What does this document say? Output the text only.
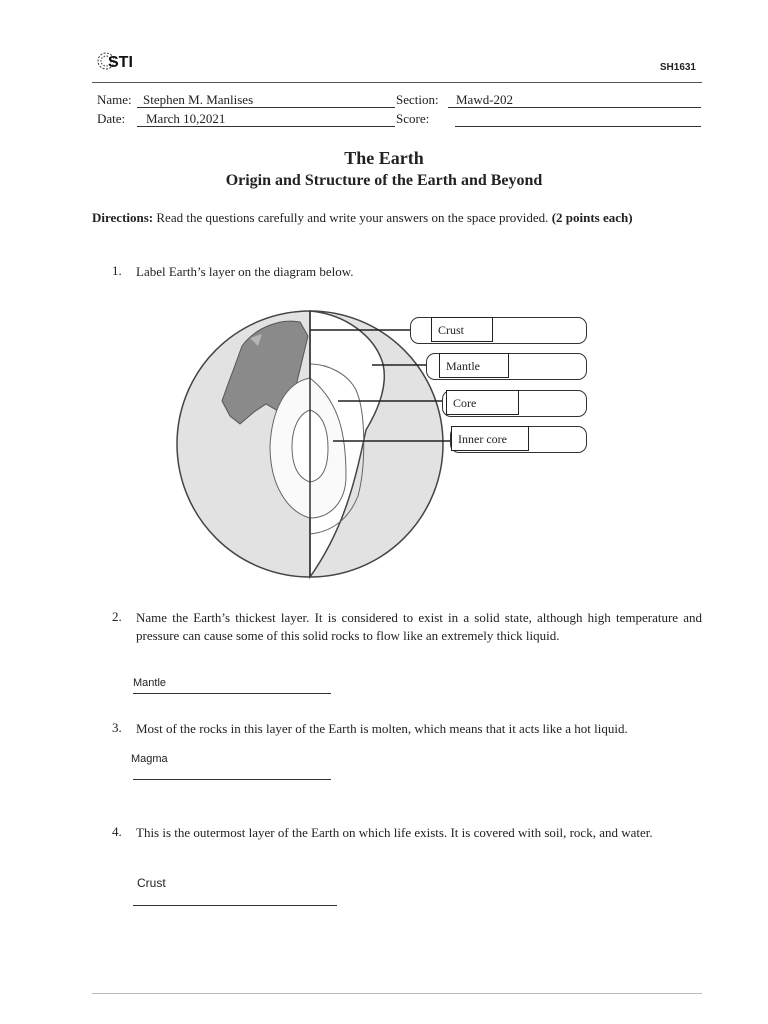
STI	SH1631
Name: Stephen M. Manlises	Section: Mawd-202
Date: March 10,2021	Score:
The Earth
Origin and Structure of the Earth and Beyond
Directions: Read the questions carefully and write your answers on the space provided. (2 points each)
1. Label Earth’s layer on the diagram below.
Crust
Mantle
Core
Inner core
2. Name the Earth’s thickest layer. It is considered to exist in a solid state, although high temperature and pressure can cause some of this solid rocks to flow like an extremely thick liquid.
Mantle
3. Most of the rocks in this layer of the Earth is molten, which means that it acts like a hot liquid.
Magma
4. This is the outermost layer of the Earth on which life exists. It is covered with soil, rock, and water.
Crust
